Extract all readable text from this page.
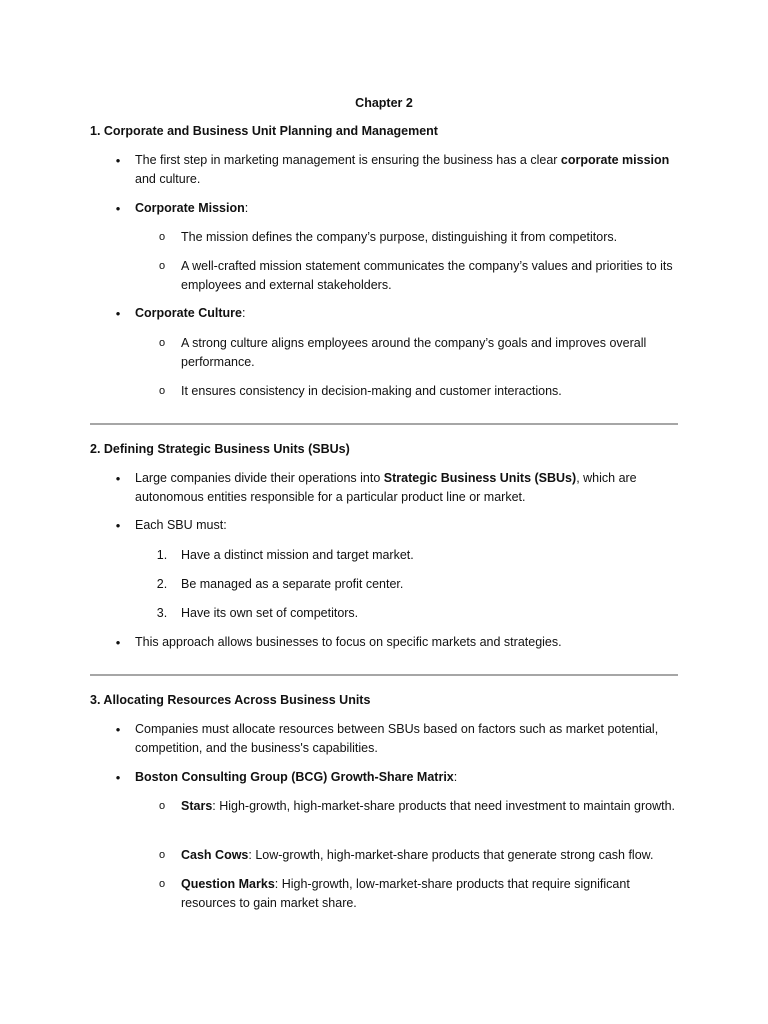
Chapter 2
1. Corporate and Business Unit Planning and Management
• The first step in marketing management is ensuring the business has a clear corporate mission and culture.
• Corporate Mission:
o The mission defines the company’s purpose, distinguishing it from competitors.
o A well-crafted mission statement communicates the company’s values and priorities to its employees and external stakeholders.
• Corporate Culture:
o A strong culture aligns employees around the company’s goals and improves overall performance.
o It ensures consistency in decision-making and customer interactions.
2. Defining Strategic Business Units (SBUs)
• Large companies divide their operations into Strategic Business Units (SBUs), which are autonomous entities responsible for a particular product line or market.
• Each SBU must:
1. Have a distinct mission and target market.
2. Be managed as a separate profit center.
3. Have its own set of competitors.
• This approach allows businesses to focus on specific markets and strategies.
3. Allocating Resources Across Business Units
• Companies must allocate resources between SBUs based on factors such as market potential, competition, and the business's capabilities.
• Boston Consulting Group (BCG) Growth-Share Matrix:
o Stars: High-growth, high-market-share products that need investment to maintain growth.
o Cash Cows: Low-growth, high-market-share products that generate strong cash flow.
o Question Marks: High-growth, low-market-share products that require significant resources to gain market share.
